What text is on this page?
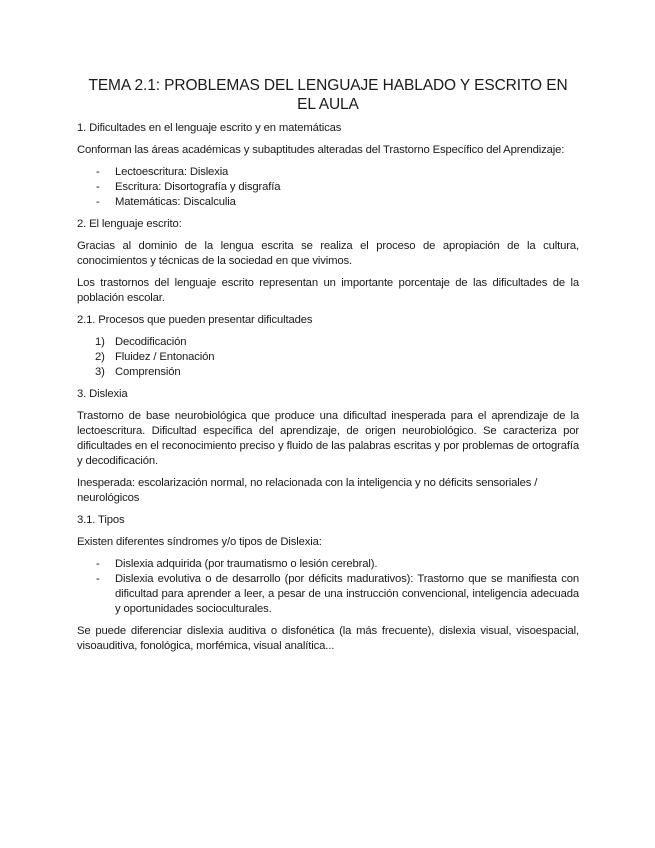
TEMA 2.1: PROBLEMAS DEL LENGUAJE HABLADO Y ESCRITO EN EL AULA

1. Dificultades en el lenguaje escrito y en matemáticas

Conforman las áreas académicas y subaptitudes alteradas del Trastorno Específico del Aprendizaje:

- Lectoescritura: Dislexia
- Escritura: Disortografía y disgrafía
- Matemáticas: Discalculia

2. El lenguaje escrito:

Gracias al dominio de la lengua escrita se realiza el proceso de apropiación de la cultura, conocimientos y técnicas de la sociedad en que vivimos.

Los trastornos del lenguaje escrito representan un importante porcentaje de las dificultades de la población escolar.

2.1. Procesos que pueden presentar dificultades

1) Decodificación
2) Fluidez / Entonación
3) Comprensión

3. Dislexia

Trastorno de base neurobiológica que produce una dificultad inesperada para el aprendizaje de la lectoescritura. Dificultad específica del aprendizaje, de origen neurobiológico. Se caracteriza por dificultades en el reconocimiento preciso y fluido de las palabras escritas y por problemas de ortografía y decodificación.

Inesperada: escolarización normal, no relacionada con la inteligencia y no déficits sensoriales / neurológicos

3.1. Tipos

Existen diferentes síndromes y/o tipos de Dislexia:

- Dislexia adquirida (por traumatismo o lesión cerebral).
- Dislexia evolutiva o de desarrollo (por déficits madurativos): Trastorno que se manifiesta con dificultad para aprender a leer, a pesar de una instrucción convencional, inteligencia adecuada y oportunidades socioculturales.

Se puede diferenciar dislexia auditiva o disfonética (la más frecuente), dislexia visual, visoespacial, visoauditiva, fonológica, morfémica, visual analítica...
